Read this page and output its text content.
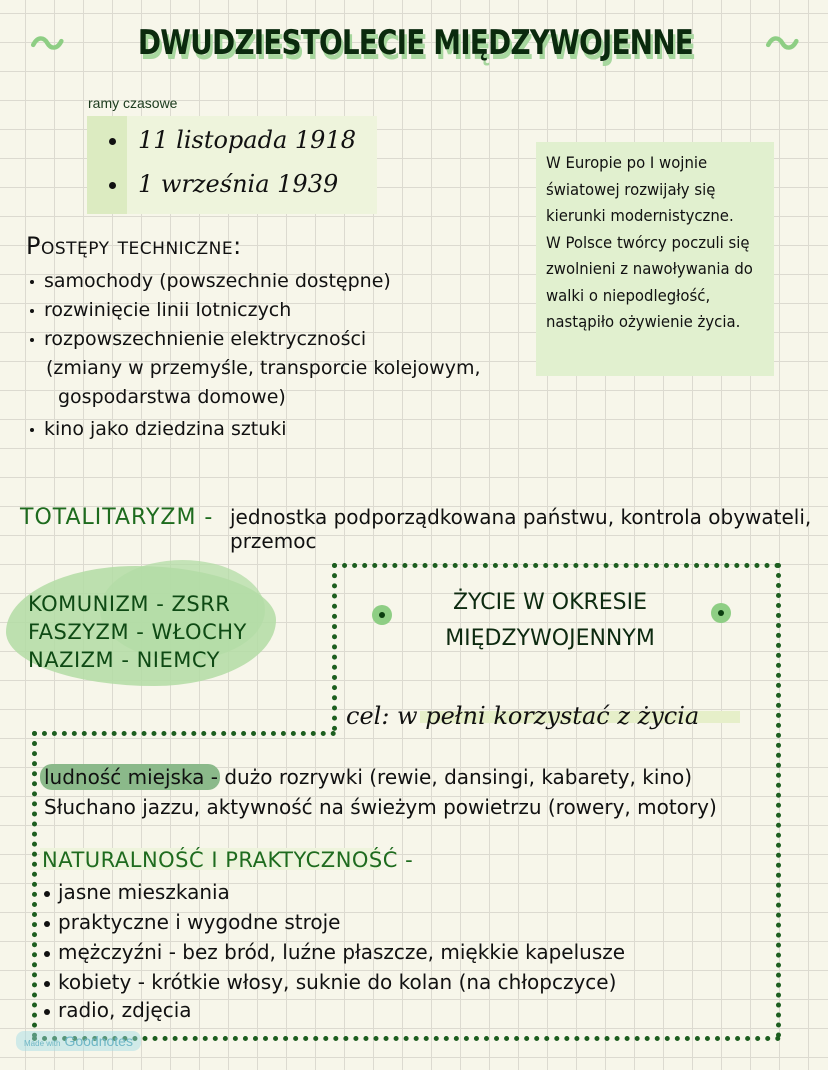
DWUDZIESTOLECIE MIĘDZYWOJENNE
ramy czasowe
11 listopada 1918
1 września 1939
W Europie po I wojnie
światowej rozwijały się
kierunki modernistyczne.
W Polsce twórcy poczuli się
zwolnieni z nawoływania do
walki o niepodległość,
nastąpiło ożywienie życia.
Postępy techniczne:
samochody (powszechnie dostępne)
rozwinięcie linii lotniczych
rozpowszechnienie elektryczności
(zmiany w przemyśle, transporcie kolejowym,
gospodarstwa domowe)
kino jako dziedzina sztuki
TOTALITARYZM - jednostka podporządkowana państwu, kontrola obywateli,
przemoc
KOMUNIZM - ZSRR
FASZYZM - WŁOCHY
NAZIZM - NIEMCY
ŻYCIE W OKRESIE
MIĘDZYWOJENNYM
cel: w pełni korzystać z życia
ludność miejska - dużo rozrywki (rewie, dansingi, kabarety, kino)
Słuchano jazzu, aktywność na świeżym powietrzu (rowery, motory)
NATURALNOŚĆ I PRAKTYCZNOŚĆ -
jasne mieszkania
praktyczne i wygodne stroje
mężczyźni - bez bród, luźne płaszcze, miękkie kapelusze
kobiety - krótkie włosy, suknie do kolan (na chłopczyce)
radio, zdjęcia
Made with Goodnotes
